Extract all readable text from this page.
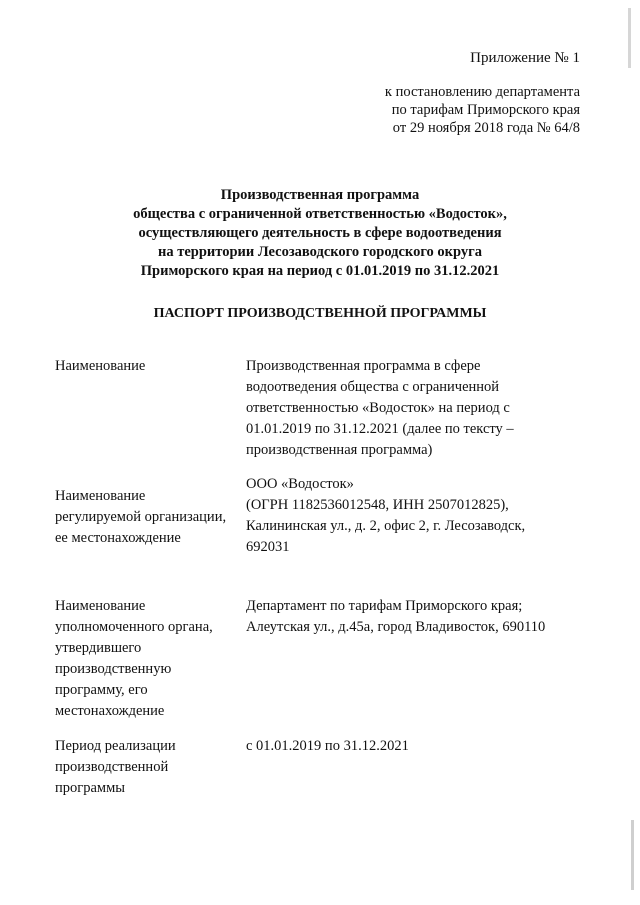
Приложение № 1
к постановлению департамента
по тарифам Приморского края
от 29 ноября 2018 года № 64/8
Производственная программа
общества с ограниченной ответственностью «Водосток»,
осуществляющего деятельность в сфере водоотведения
на территории Лесозаводского городского округа
Приморского края на период с 01.01.2019 по 31.12.2021
ПАСПОРТ ПРОИЗВОДСТВЕННОЙ ПРОГРАММЫ
Наименование	Производственная программа в сфере
водоотведения общества с ограниченной
ответственностью «Водосток» на период с
01.01.2019 по 31.12.2021 (далее по тексту –
производственная программа)
Наименование
регулируемой организации,
ее местонахождение
ООО «Водосток»
(ОГРН 1182536012548, ИНН 2507012825),
Калининская ул., д. 2, офис 2, г. Лесозаводск,
692031
Наименование
уполномоченного органа,
утвердившего
производственную
программу, его
местонахождение
Департамент по тарифам Приморского края;
Алеутская ул., д.45а, город Владивосток, 690110
Период реализации
производственной
программы
с 01.01.2019 по 31.12.2021
